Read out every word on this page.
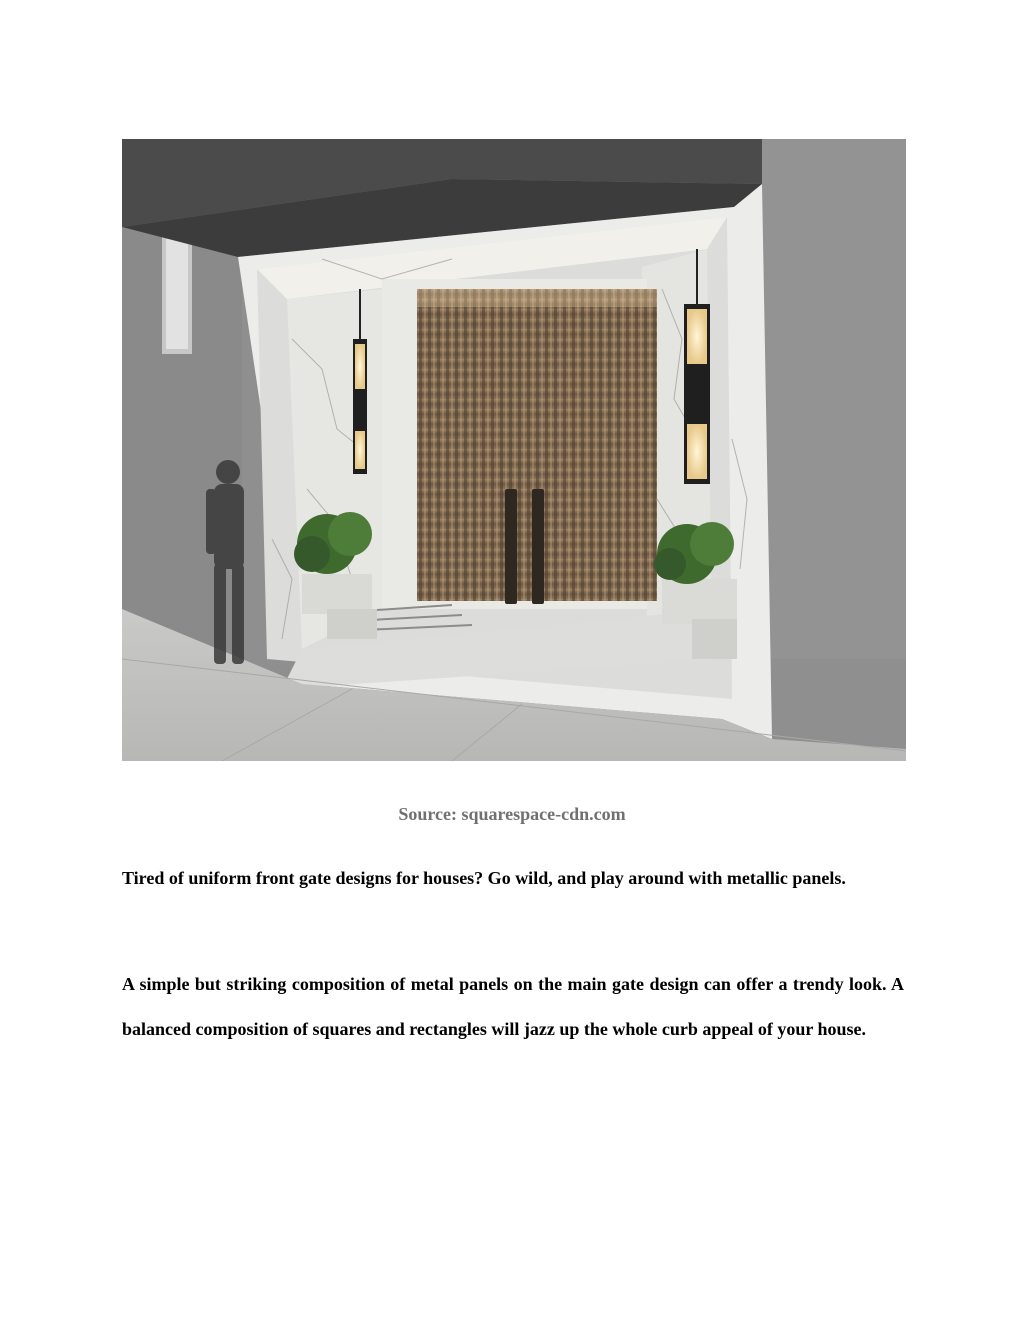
Source: squarespace-cdn.com

Tired of uniform front gate designs for houses? Go wild, and play around with metallic panels.

A simple but striking composition of metal panels on the main gate design can offer a trendy look. A balanced composition of squares and rectangles will jazz up the whole curb appeal of your house.
